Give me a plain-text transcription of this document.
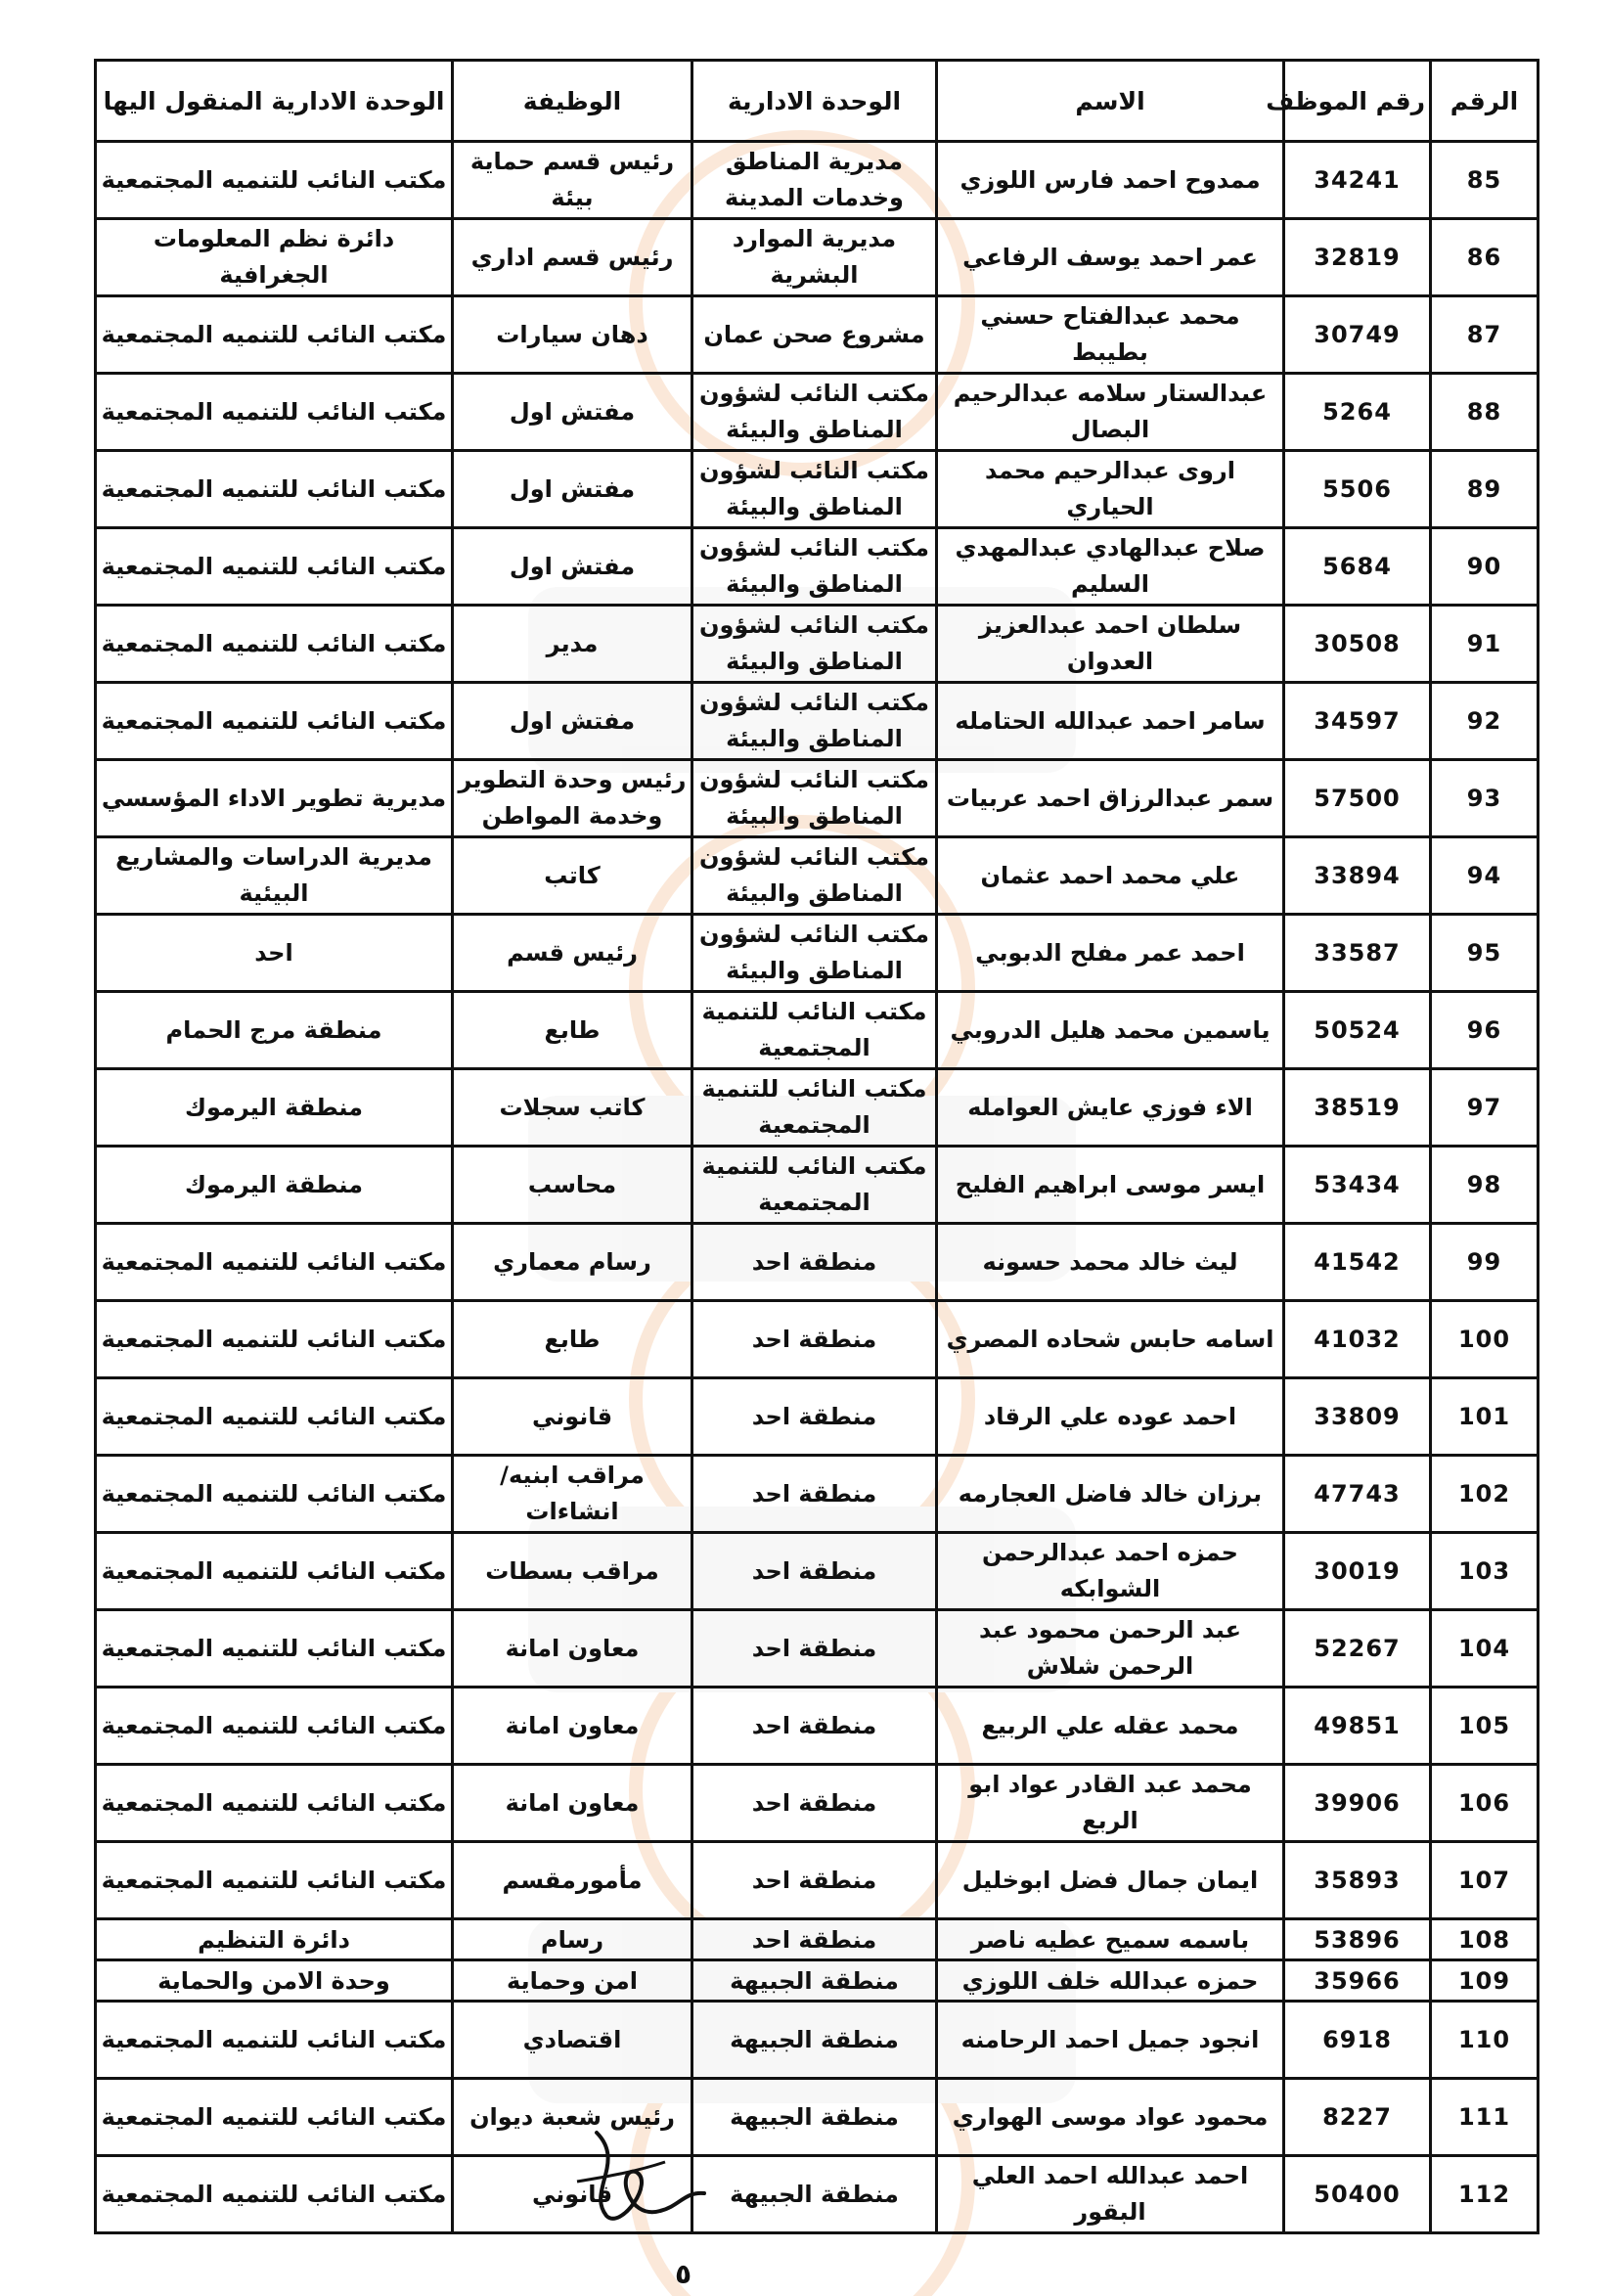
الرقم	رقم الموظف	الاسم	الوحدة الادارية	الوظيفة	الوحدة الادارية المنقول اليها
85	34241	ممدوح احمد فارس اللوزي	مديرية المناطق وخدمات المدينة	رئيس قسم حماية بيئة	مكتب النائب للتنميه المجتمعية
86	32819	عمر احمد يوسف الرفاعي	مديرية الموارد البشرية	رئيس قسم اداري	دائرة نظم المعلومات الجغرافية
87	30749	محمد عبدالفتاح حسني بطيبط	مشروع صحن عمان	دهان سيارات	مكتب النائب للتنميه المجتمعية
88	5264	عبدالستار سلامه عبدالرحيم البصال	مكتب النائب لشؤون المناطق والبيئة	مفتش اول	مكتب النائب للتنميه المجتمعية
89	5506	اروى عبدالرحيم محمد الحياري	مكتب النائب لشؤون المناطق والبيئة	مفتش اول	مكتب النائب للتنميه المجتمعية
90	5684	صلاح عبدالهادي عبدالمهدي السليم	مكتب النائب لشؤون المناطق والبيئة	مفتش اول	مكتب النائب للتنميه المجتمعية
91	30508	سلطان احمد عبدالعزيز العدوان	مكتب النائب لشؤون المناطق والبيئة	مدير	مكتب النائب للتنميه المجتمعية
92	34597	سامر احمد عبدالله الحتامله	مكتب النائب لشؤون المناطق والبيئة	مفتش اول	مكتب النائب للتنميه المجتمعية
93	57500	سمر عبدالرزاق احمد عربيات	مكتب النائب لشؤون المناطق والبيئة	رئيس وحدة التطوير وخدمة المواطن	مديرية تطوير الاداء المؤسسي
94	33894	علي محمد احمد عثمان	مكتب النائب لشؤون المناطق والبيئة	كاتب	مديرية الدراسات والمشاريع البيئية
95	33587	احمد عمر مفلح الدبوبي	مكتب النائب لشؤون المناطق والبيئة	رئيس قسم	احد
96	50524	ياسمين محمد هليل الدروبي	مكتب النائب للتنمية المجتمعية	طابع	منطقة مرج الحمام
97	38519	الاء فوزي عايش العوامله	مكتب النائب للتنمية المجتمعية	كاتب سجلات	منطقة اليرموك
98	53434	ايسر موسى ابراهيم الفليح	مكتب النائب للتنمية المجتمعية	محاسب	منطقة اليرموك
99	41542	ليث خالد محمد حسونه	منطقة احد	رسام معماري	مكتب النائب للتنميه المجتمعية
100	41032	اسامه حابس شحاده المصري	منطقة احد	طابع	مكتب النائب للتنميه المجتمعية
101	33809	احمد عوده علي الرقاد	منطقة احد	قانوني	مكتب النائب للتنميه المجتمعية
102	47743	برزان خالد فاضل العجارمه	منطقة احد	مراقب ابنيه/انشاءات	مكتب النائب للتنميه المجتمعية
103	30019	حمزه احمد عبدالرحمن الشوابكه	منطقة احد	مراقب بسطات	مكتب النائب للتنميه المجتمعية
104	52267	عبد الرحمن محمود عبد الرحمن شلاش	منطقة احد	معاون امانة	مكتب النائب للتنميه المجتمعية
105	49851	محمد عقله علي الربيع	منطقة احد	معاون امانة	مكتب النائب للتنميه المجتمعية
106	39906	محمد عبد القادر عواد ابو الربع	منطقة احد	معاون امانة	مكتب النائب للتنميه المجتمعية
107	35893	ايمان جمال فضل ابوخليل	منطقة احد	مأمورمقسم	مكتب النائب للتنميه المجتمعية
108	53896	باسمه سميح عطيه ناصر	منطقة احد	رسام	دائرة التنظيم
109	35966	حمزه عبدالله خلف اللوزي	منطقة الجبيهة	امن وحماية	وحدة الامن والحماية
110	6918	انجود جميل احمد الرحامنه	منطقة الجبيهة	اقتصادي	مكتب النائب للتنميه المجتمعية
111	8227	محمود عواد موسى الهواري	منطقة الجبيهة	رئيس شعبة ديوان	مكتب النائب للتنميه المجتمعية
112	50400	احمد عبدالله احمد العلي البقور	منطقة الجبيهة	قانوني	مكتب النائب للتنميه المجتمعية
٥
